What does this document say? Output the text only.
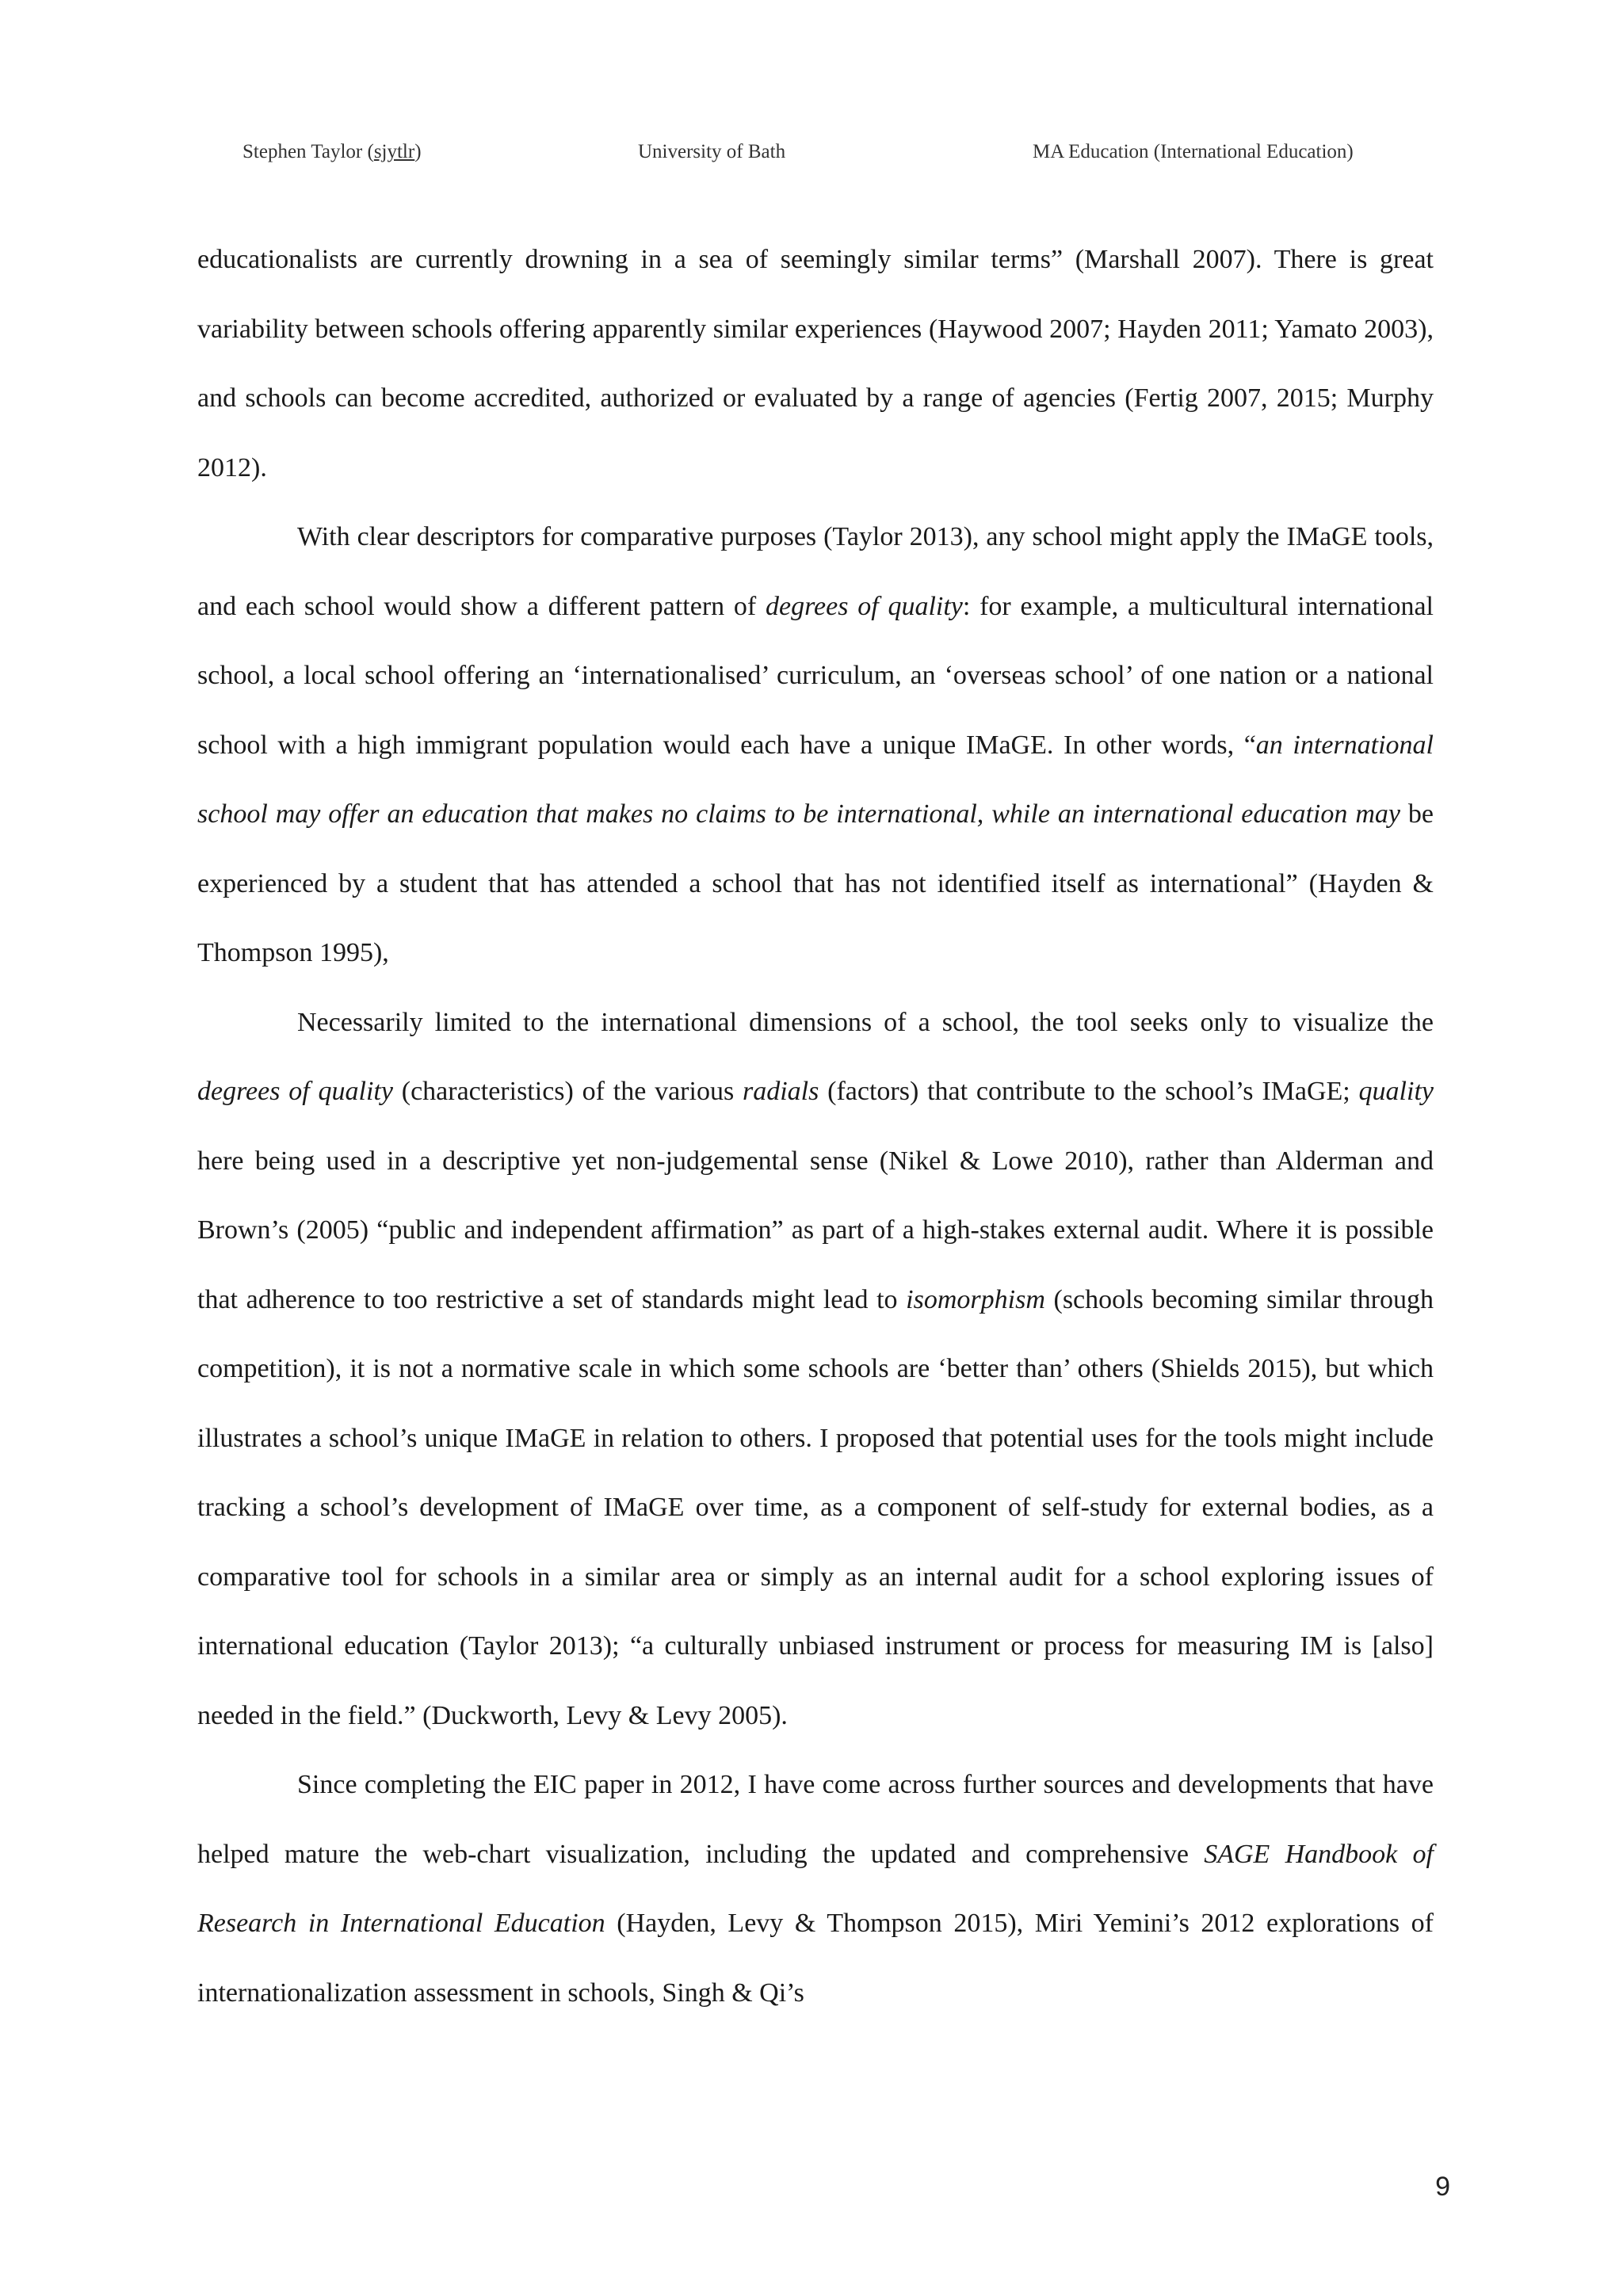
Stephen Taylor (sjytlr)	University of Bath	MA Education (International Education)

educationalists are currently drowning in a sea of seemingly similar terms” (Marshall 2007). There is great variability between schools offering apparently similar experiences (Haywood 2007; Hayden 2011; Yamato 2003), and schools can become accredited, authorized or evaluated by a range of agencies (Fertig 2007, 2015; Murphy 2012).

With clear descriptors for comparative purposes (Taylor 2013), any school might apply the IMaGE tools, and each school would show a different pattern of degrees of quality: for example, a multicultural international school, a local school offering an ‘internationalised’ curriculum, an ‘overseas school’ of one nation or a national school with a high immigrant population would each have a unique IMaGE. In other words, “an international school may offer an education that makes no claims to be international, while an international education may be experienced by a student that has attended a school that has not identified itself as international” (Hayden & Thompson 1995),

Necessarily limited to the international dimensions of a school, the tool seeks only to visualize the degrees of quality (characteristics) of the various radials (factors) that contribute to the school’s IMaGE; quality here being used in a descriptive yet non-judgemental sense (Nikel & Lowe 2010), rather than Alderman and Brown’s (2005) “public and independent affirmation” as part of a high-stakes external audit. Where it is possible that adherence to too restrictive a set of standards might lead to isomorphism (schools becoming similar through competition), it is not a normative scale in which some schools are ‘better than’ others (Shields 2015), but which illustrates a school’s unique IMaGE in relation to others. I proposed that potential uses for the tools might include tracking a school’s development of IMaGE over time, as a component of self-study for external bodies, as a comparative tool for schools in a similar area or simply as an internal audit for a school exploring issues of international education (Taylor 2013); “a culturally unbiased instrument or process for measuring IM is [also] needed in the field.” (Duckworth, Levy & Levy 2005).

Since completing the EIC paper in 2012, I have come across further sources and developments that have helped mature the web-chart visualization, including the updated and comprehensive SAGE Handbook of Research in International Education (Hayden, Levy & Thompson 2015), Miri Yemini’s 2012 explorations of internationalization assessment in schools, Singh & Qi’s

9
